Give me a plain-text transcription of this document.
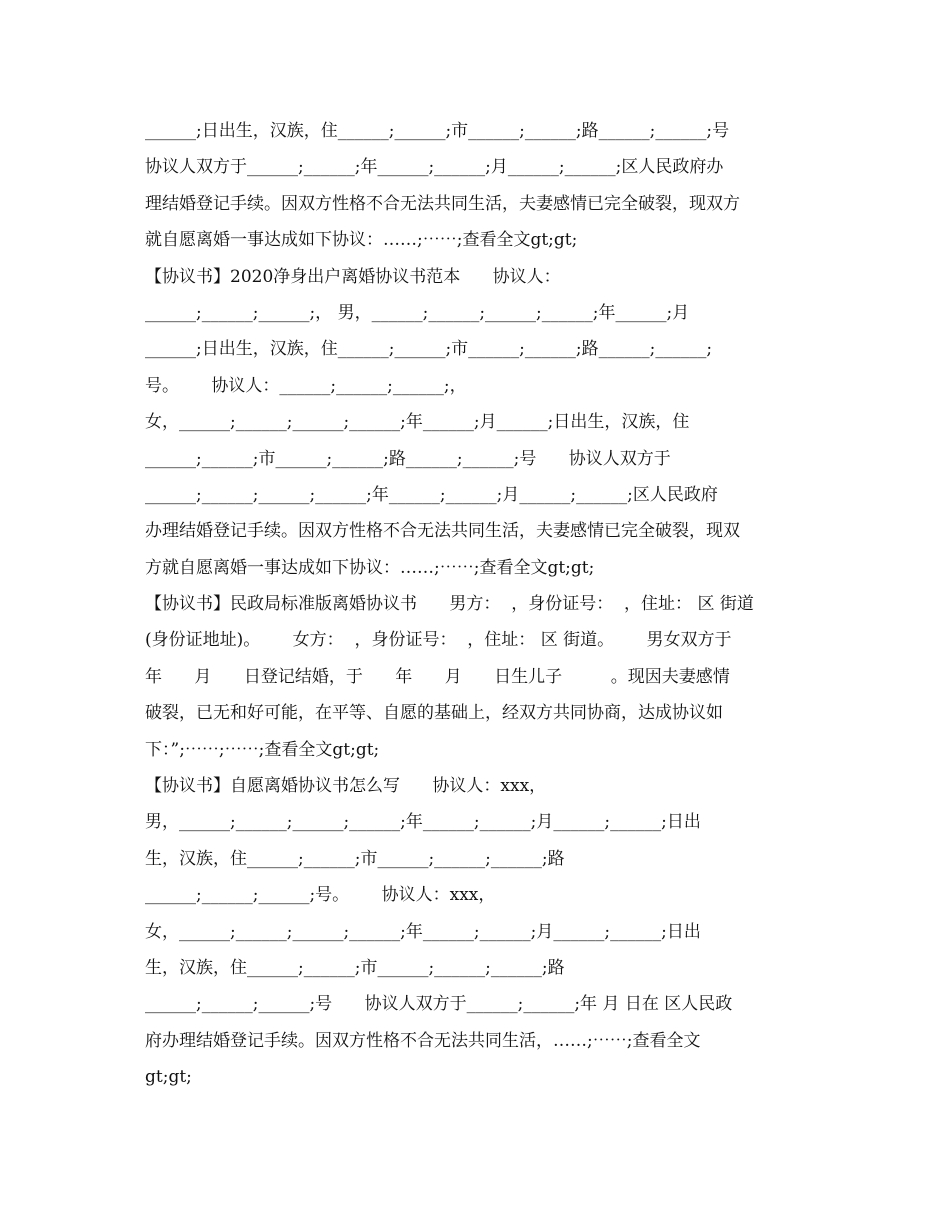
______;日出生，汉族，住______;______;市______;______;路______;______;号
协议人双方于______;______;年______;______;月______;______;区人民政府办
理结婚登记手续。因双方性格不合无法共同生活，夫妻感情已完全破裂，现双方
就自愿离婚一事达成如下协议：……;⋯⋯;查看全文gt;gt;
【协议书】2020净身出户离婚协议书范本      协议人：
______;______;______;， 男，______;______;______;______;年______;月
______;日出生，汉族，住______;______;市______;______;路______;______;
号。      协议人：______;______;______;，
女，______;______;______;______;年______;月______;日出生，汉族，住
______;______;市______;______;路______;______;号      协议人双方于
______;______;______;______;年______;______;月______;______;区人民政府
办理结婚登记手续。因双方性格不合无法共同生活，夫妻感情已完全破裂，现双
方就自愿离婚一事达成如下协议：……;⋯⋯;查看全文gt;gt;
【协议书】民政局标准版离婚协议书      男方：  ，身份证号：  ，住址： 区 街道
(身份证地址)。      女方：  ，身份证号：  ，住址： 区 街道。      男女双方于
年      月      日登记结婚，于      年      月      日生儿子         。现因夫妻感情
破裂，已无和好可能，在平等、自愿的基础上，经双方共同协商，达成协议如
下：”;⋯⋯;⋯⋯;查看全文gt;gt;
【协议书】自愿离婚协议书怎么写      协议人：xxx，
男，______;______;______;______;年______;______;月______;______;日出
生，汉族，住______;______;市______;______;______;路
______;______;______;号。      协议人：xxx，
女，______;______;______;______;年______;______;月______;______;日出
生，汉族，住______;______;市______;______;______;路
______;______;______;号      协议人双方于______;______;年 月 日在 区人民政
府办理结婚登记手续。因双方性格不合无法共同生活，……;⋯⋯;查看全文
gt;gt;
